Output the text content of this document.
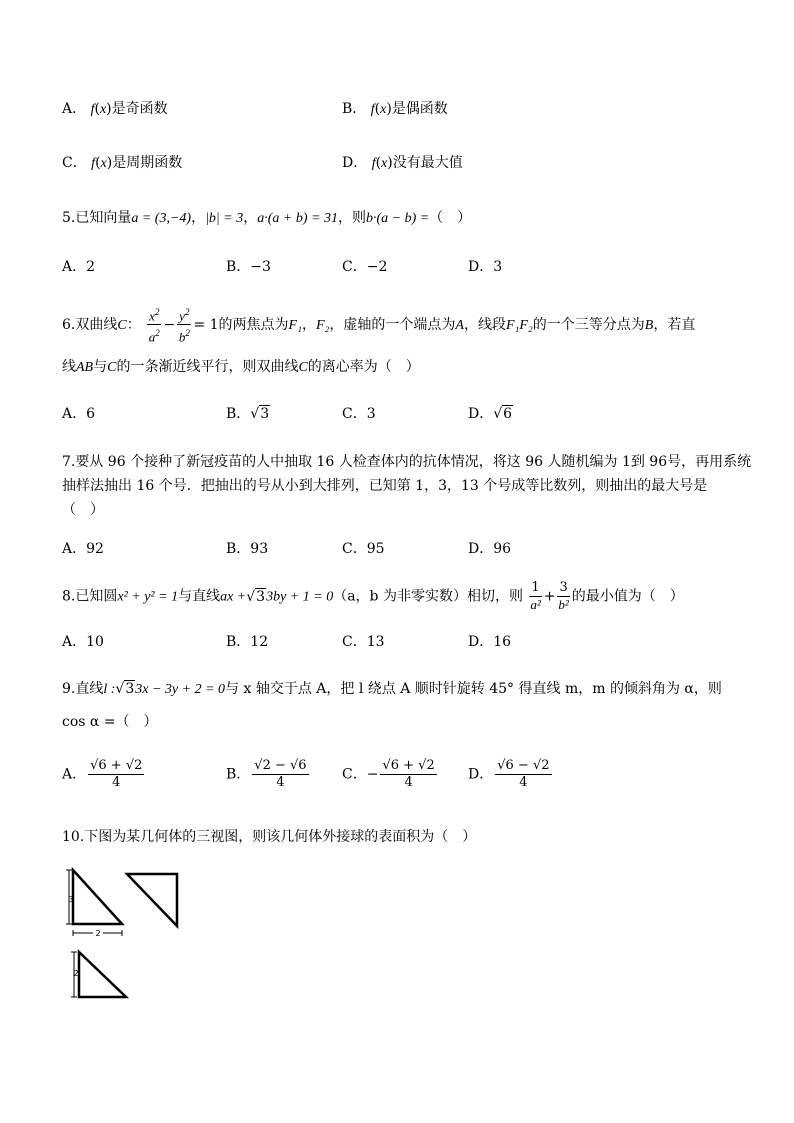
A． f(x)是奇函数	B． f(x)是偶函数
C． f(x)是周期函数	D． f(x)没有最大值
5.已知向量a = (3,−4)，|b| = 3，a·(a + b) = 31，则b·(a − b) =（　）
A．2	B．−3	C．−2	D．3
6.双曲线C： $\frac{x^2}{a^2} - \frac{y^2}{b^2} = 1$的两焦点为F₁，F₂，虚轴的一个端点为A，线段F₁F₂的一个三等分点为B，若直
线AB与C的一条渐近线平行，则双曲线C的离心率为（　）
A．6	B．√3	C．3	D．√6
7.要从 96 个接种了新冠疫苗的人中抽取 16 人检查体内的抗体情况，将这 96 人随机编为 1到 96号，再用系统
抽样法抽出 16 个号．把抽出的号从小到大排列，已知第 1，3，13 个号成等比数列，则抽出的最大号是
（　）
A．92	B．93	C．95	D．96
8.已知圆x² + y² = 1与直线ax +√33by + 1 = 0（a，b 为非零实数）相切，则 $\frac{1}{\text{a²}} + \frac{3}{\text{b²}}$ 的最小值为（　）
A．10	B．12	C．13	D．16
9.直线l :√33x − 3y + 2 = 0与 x 轴交于点 A，把 l 绕点 A 顺时针旋转 45° 得直线 m，m 的倾斜角为 α，则
cos α =（　）
A． $\frac{√6 + √2}{4}$	B． $\frac{√2 - √6}{4}$ C．− $\frac{√6 + √2}{4}$ D． $\frac{√6 - √2}{4}$
10.下图为某几何体的三视图，则该几何体外接球的表面积为（　）
3
2
2
